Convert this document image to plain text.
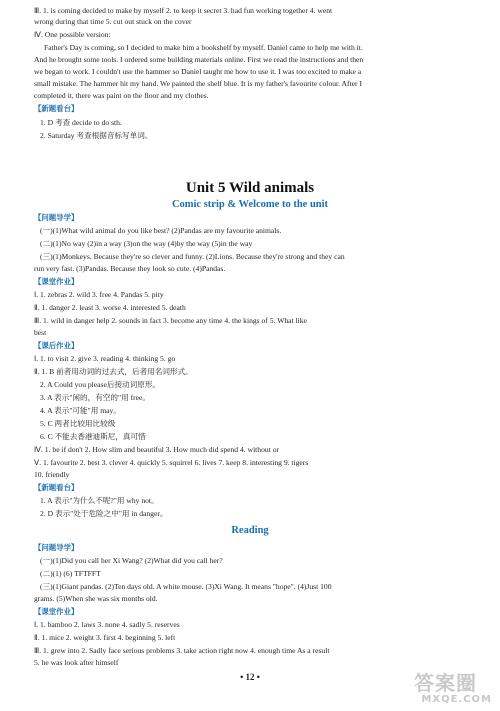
Ⅲ. 1. is coming decided to make by myself 2. to keep it secret 3. had fun working together 4. went
wrong during that time 5. cut out stuck on the cover
Ⅳ. One possible version:
Father's Day is coming, so I decided to make him a bookshelf by myself. Daniel came to help me with it.
And he brought some tools. I ordered some building materials online. First we read the instructions and then
we began to work. I couldn't use the hammer so Daniel taught me how to use it. I was too excited to make a
small mistake. The hammer hit my hand. We painted the shelf blue. It is my father's favourite colour. After I
completed it, there was paint on the floor and my clothes.
【新题看台】
1. D 考查 decide to do sth.
2. Saturday 考查根据音标写单词。
Unit 5 Wild animals
Comic strip & Welcome to the unit
【问题导学】
(一)(1)What wild animal do you like best? (2)Pandas are my favourite animals.
(二)(1)No way (2)in a way (3)on the way (4)by the way (5)in the way
(三)(1)Monkeys. Because they're so clever and funny. (2)Lions. Because they're strong and they can
run very fast. (3)Pandas. Because they look so cute. (4)Pandas.
【课堂作业】
Ⅰ. 1. zebras 2. wild 3. free 4. Pandas 5. pity
Ⅱ. 1. danger 2. least 3. worse 4. interested 5. death
Ⅲ. 1. wild in danger help 2. sounds in fact 3. become any time 4. the kings of 5. What like
best
【课后作业】
Ⅰ. 1. to visit 2. give 3. reading 4. thinking 5. go
Ⅱ. 1. B 前者用动词的过去式，后者用名词形式。
2. A Could you please后接动词原形。
3. A 表示"闲的，有空的"用 free。
4. A 表示"可能"用 may。
5. C 两者比较用比较级
6. C 不能去香港迪斯尼，真可惜
Ⅳ. 1. be if don't 2. How slim and beautiful 3. How much did spend 4. without or
Ⅴ. 1. favourite 2. best 3. clever 4. quickly 5. squirrel 6. lives 7. keep 8. interesting 9. tigers
10. friendly
【新题看台】
1. A 表示"为什么不呢?"用 why not。
2. D 表示"处于危险之中"用 in danger。
Reading
【问题导学】
(一)(1)Did you call her Xi Wang? (2)What did you call her?
(二)(1) (6) TFTFFT
(三)(1)Giant pandas. (2)Ten days old. A white mouse. (3)Xi Wang. It means "hope". (4)Just 100
grams. (5)When she was six months old.
【课堂作业】
Ⅰ. 1. bamboo 2. laws 3. none 4. sadly 5. reserves
Ⅱ. 1. mice 2. weight 3. first 4. beginning 5. left
Ⅲ. 1. grew into 2. Sadly face serious problems 3. take action right now 4. enough time As a result
5. he was look after himself
• 12 •	答案圈
MXQE.COM
